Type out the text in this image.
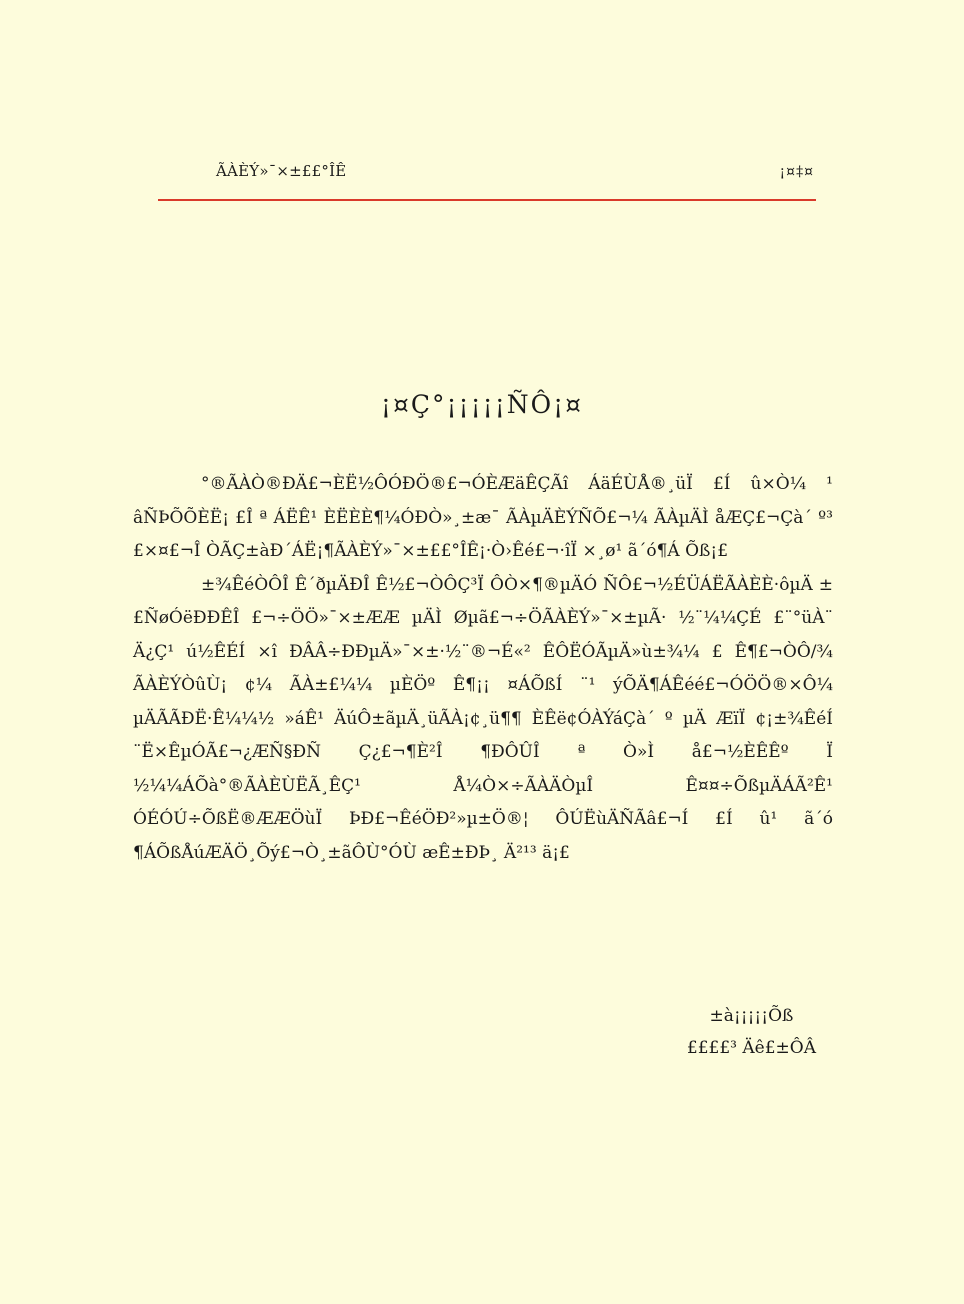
ÃÀÈÝ»¯×±££°ÎÊ	¡¤‡¤
¡¤Ç°¡¡¡¡¡ÑÔ¡¤

°®ÃÀÒ®ÐÄ£¬ÈË½ÔÓÐÖ®£¬ÓÈÆäÊÇÃî ÁäÉÙÅ®¸üÏ £Í û×Ò¼ ¹ âÑÞÕÕÈË¡ £Î ª ÁËÊ¹ ÈËÈÈ¶¼ÓÐÒ»¸±æ¯ ÃÀµÄÈÝÑÕ£¬¼ ÃÀµÄÌ åÆÇ£¬Çà´ º³ £×¤£¬Î ÒÃÇ±àÐ´ÁË¡¶ÃÀÈÝ»¯×±££°ÎÊ¡·Ò›Êé£¬·îÏ ×¸ø¹ ã´ó¶Á Õß¡£

±¾ÊéÒÔÎ Ê´ðµÄÐÎ Ê½£¬ÒÔÇ³Ï ÔÒ×¶®µÄÓ ÑÔ£¬½ÉÜÁËÃÀÈÈ·ôµÄ ±£ÑøÓëÐÐÊÎ £¬÷ÖÖ»¯×±ÆÆ µÄÌ Øµã£¬÷ÖÃÀÈÝ»¯×±µÃ· ½¨¼¼ÇÉ £¨°üÀ¨ Ä¿Ç¹ ú½ÊÉÍ ×î ÐÂÂ÷ÐÐµÄ»¯×±·½¨®¬É«² ÊÔËÓÃµÄ»ù±¾¼ £ Ê¶£¬ÒÔ/¾ ÃÀÈÝÒûÙ¡ ¢¼ ÃÀ±£¼¼ µÈÖº Ê¶¡¡ ¤ÁÕßÍ ¨¹ ýÕÄ¶ÁÊéé£¬ÓÖÖ®×Ô¼ µÄÃÃÐË·Ê¼¼½ »áÊ¹ ÄúÔ±ãµÄ¸üÃÀ¡¢¸ü¶¶ ÈÊë¢ÓÀÝáÇà´ º µÄ ÆïÏ ¢¡±¾ÊéÍ ¨Ë×ÊµÓÃ£¬¿ÆÑ§ÐÑ Ç¿£¬¶È²Î ¶ÐÔÛÎ ª Ò»Ì å£¬½ÈÊÊº Ï ½¼¼ÁÕà°®ÃÀÈÙËÃ¸ÊÇ¹ Å¼Ò×÷ÃÀÄÒµÎ Ê¤¤÷ÕßµÄÁÃ²Ê¹ ÓÉÓÚ÷ÕßË®ÆÆÖùÏ ÞÐ£¬ÊéÖÐ²»µ±Ö®¦ ÔÚËùÄÑÃâ£¬Í £Í û¹ ã´ó ¶ÁÕßÅúÆÄÖ¸Õý£¬Ò¸±ãÔÙ°ÓÙ æÊ±ÐÞ¸ Ä²¹³ ä¡£

±à¡¡¡¡¡Õß
££££³ Äê£±ÔÂ
